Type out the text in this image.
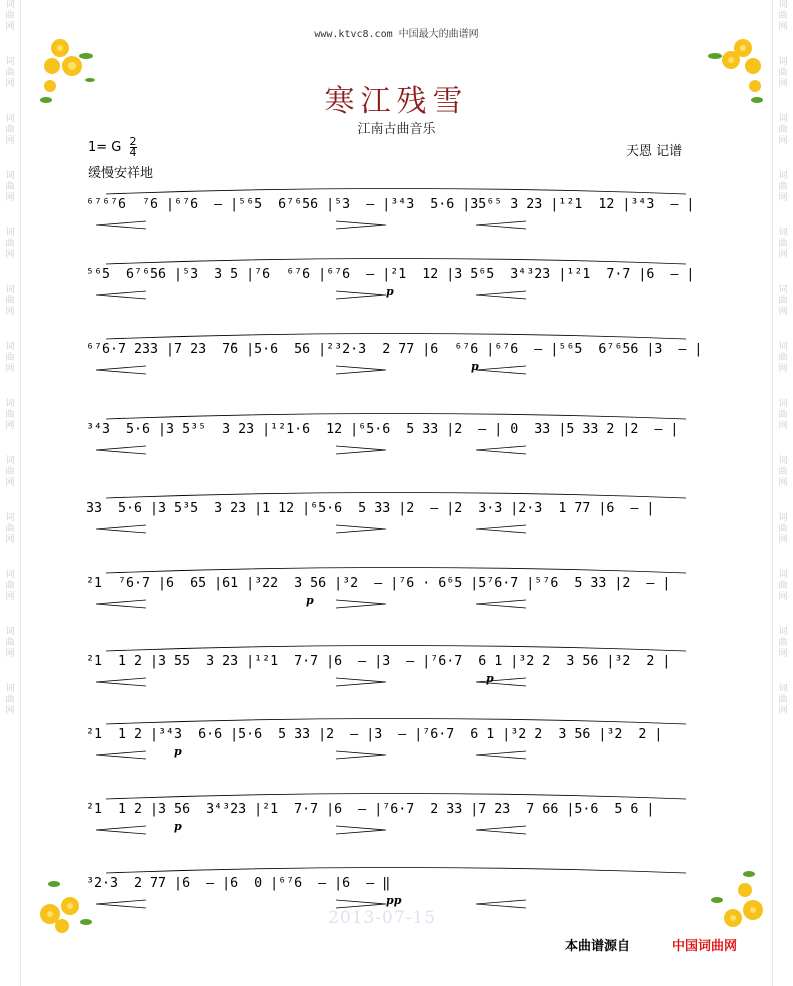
词
曲
网
词
曲
网
词
曲
网
词
曲
网
词
曲
网
词
曲
网
词
曲
网
词
曲
网
词
曲
网
词
曲
网
词
曲
网
词
曲
网
词
曲
网
词
曲
网
词
曲
网
词
曲
网
词
曲
网
词
曲
网
词
曲
网
词
曲
网
词
曲
网
词
曲
网
词
曲
网
词
曲
网
词
曲
网
词
曲
网
www.ktvc8.com 中国最大的曲谱网
寒江残雪
江南古曲音乐
1= G $\frac{2}{4}$
缓慢安祥地
天恩 记谱
⁶⁷⁶⁷6  ⁷6 |⁶⁷6  – |⁵⁶5  6⁷⁶56 |⁵3  – |³⁴3  5·6 |35⁶⁵ 3 23 |¹²1  12 |³⁴3  – |
⁵⁶5  6⁷⁶56 |⁵3  3 5 |⁷6  ⁶⁷6 |⁶⁷6  – |²1  12 |3 5⁶5  3⁴³23 |¹²1  7·7 |6  – |
p
⁶⁷6·7 233 |7 23  7̃6 |5·6  56 |²³2·3  2 77 |6  ⁶⁷6 |⁶⁷6  – |⁵⁶5  6⁷⁶56 |3  – |
p
³⁴3  5·6 |3 5³⁵  3 23 |¹²1·6  12 |⁶5·6  5 33 |2  – | 0  33 |5 33 2 |2  – |
33  5·6 |3 5³5  3 23 |1 12 |⁶5·6  5 33 |2  – |2  3·3 |2·3  1 77 |6  – |
²1  ⁷6·7 |6  65 |61 |³22  3 56 |³2  – |⁷6 · 6⁶5 |5⁷6·7 |⁵⁷6  5 33 |2  – |
p
²1  1 2 |3 55  3 23 |¹²1  7·7 |6  – |3  – |⁷6·7  6 1 |³2 2  3 56 |³2  2 |
p
²1  1 2 |³⁴3  6·6 |5·6  5 33 |2  – |3  – |⁷6·7  6 1 |³2 2  3 56 |³2  2 |
p
²1  1 2 |3 56  3⁴³23 |²1  7·7 |6  – |⁷6·7  2 33 |7 23  7 66 |5·6  5 6 |
p
³2·3  2 77 |6  – |6  0 |⁶⁷6  – |6  – ‖
pp
2013-07-15
本曲谱源自	中国词曲网
